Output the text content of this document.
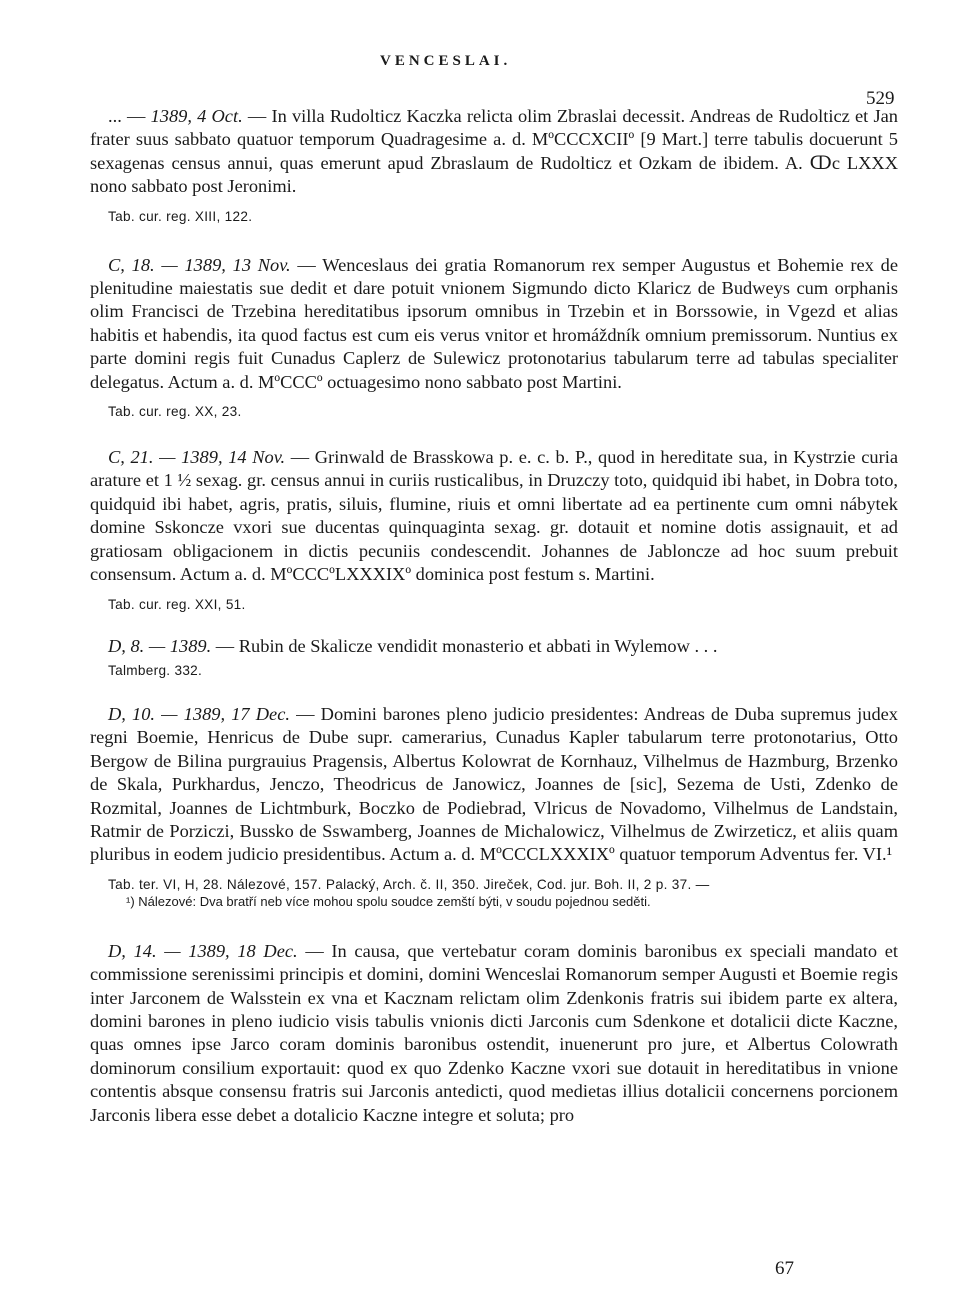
VENCESLAI.
529

... — 1389, 4 Oct. — In villa Rudolticz Kaczka relicta olim Zbraslai decessit. Andreas de Rudolticz et Jan frater suus sabbato quatuor temporum Quadragesime a. d. MºCCCXCIIº [9 Mart.] terre tabulis docuerunt 5 sexagenas census annui, quas emerunt apud Zbraslaum de Rudolticz et Ozkam de ibidem. A. ↀc LXXX nono sabbato post Jeronimi.

Tab. cur. reg. XIII, 122.

C, 18. — 1389, 13 Nov. — Wenceslaus dei gratia Romanorum rex semper Augustus et Bohemie rex de plenitudine maiestatis sue dedit et dare potuit vnionem Sigmundo dicto Klaricz de Budweys cum orphanis olim Francisci de Trzebina hereditatibus ipsorum omnibus in Trzebin et in Borssowie, in Vgezd et alias habitis et habendis, ita quod factus est cum eis verus vnitor et hromáždník omnium premissorum. Nuntius ex parte domini regis fuit Cunadus Caplerz de Sulewicz protonotarius tabularum terre ad tabulas specialiter delegatus. Actum a. d. MºCCCº octuagesimo nono sabbato post Martini.

Tab. cur. reg. XX, 23.

C, 21. — 1389, 14 Nov. — Grinwald de Brasskowa p. e. c. b. P., quod in hereditate sua, in Kystrzie curia arature et 1 ½ sexag. gr. census annui in curiis rusticalibus, in Druzczy toto, quidquid ibi habet, in Dobra toto, quidquid ibi habet, agris, pratis, siluis, flumine, riuis et omni libertate ad ea pertinente cum omni nábytek domine Sskoncze vxori sue ducentas quinquaginta sexag. gr. dotauit et nomine dotis assignauit, et ad gratiosam obligacionem in dictis pecuniis condescendit. Johannes de Jabloncze ad hoc suum prebuit consensum. Actum a. d. MºCCCºLXXXIXº dominica post festum s. Martini.

Tab. cur. reg. XXI, 51.

D, 8. — 1389. — Rubin de Skalicze vendidit monasterio et abbati in Wylemow . . .

Talmberg. 332.

D, 10. — 1389, 17 Dec. — Domini barones pleno judicio presidentes: Andreas de Duba supremus judex regni Boemie, Henricus de Dube supr. camerarius, Cunadus Kapler tabularum terre protonotarius, Otto Bergow de Bilina purgrauius Pragensis, Albertus Kolowrat de Kornhauz, Vilhelmus de Hazmburg, Brzenko de Skala, Purkhardus, Jenczo, Theodricus de Janowicz, Joannes de [sic], Sezema de Usti, Zdenko de Rozmital, Joannes de Lichtmburk, Boczko de Podiebrad, Vlricus de Novadomo, Vilhelmus de Landstain, Ratmir de Porziczi, Bussko de Sswamberg, Joannes de Michalowicz, Vilhelmus de Zwirzeticz, et aliis quam pluribus in eodem judicio presidentibus. Actum a. d. MºCCCLXXXIXº quatuor temporum Adventus fer. VI.¹

Tab. ter. VI, H, 28. Nálezové, 157. Palacký, Arch. č. II, 350. Jireček, Cod. jur. Boh. II, 2 p. 37. —
¹) Nálezové: Dva bratří neb více mohou spolu soudce zemští býti, v soudu pojednou seděti.

D, 14. — 1389, 18 Dec. — In causa, que vertebatur coram dominis baronibus ex speciali mandato et commissione serenissimi principis et domini, domini Wenceslai Romanorum semper Augusti et Boemie regis inter Jarconem de Walsstein ex vna et Kacznam relictam olim Zdenkonis fratris sui ibidem parte ex altera, domini barones in pleno iudicio visis tabulis vnionis dicti Jarconis cum Sdenkone et dotalicii dicte Kaczne, quas omnes ipse Jarco coram dominis baronibus ostendit, inuenerunt pro jure, et Albertus Colowrath dominorum consilium exportauit: quod ex quo Zdenko Kaczne vxori sue dotauit in hereditatibus in vnione contentis absque consensu fratris sui Jarconis antedicti, quod medietas illius dotalicii concernens porcionem Jarconis libera esse debet a dotalicio Kaczne integre et soluta; pro

67
